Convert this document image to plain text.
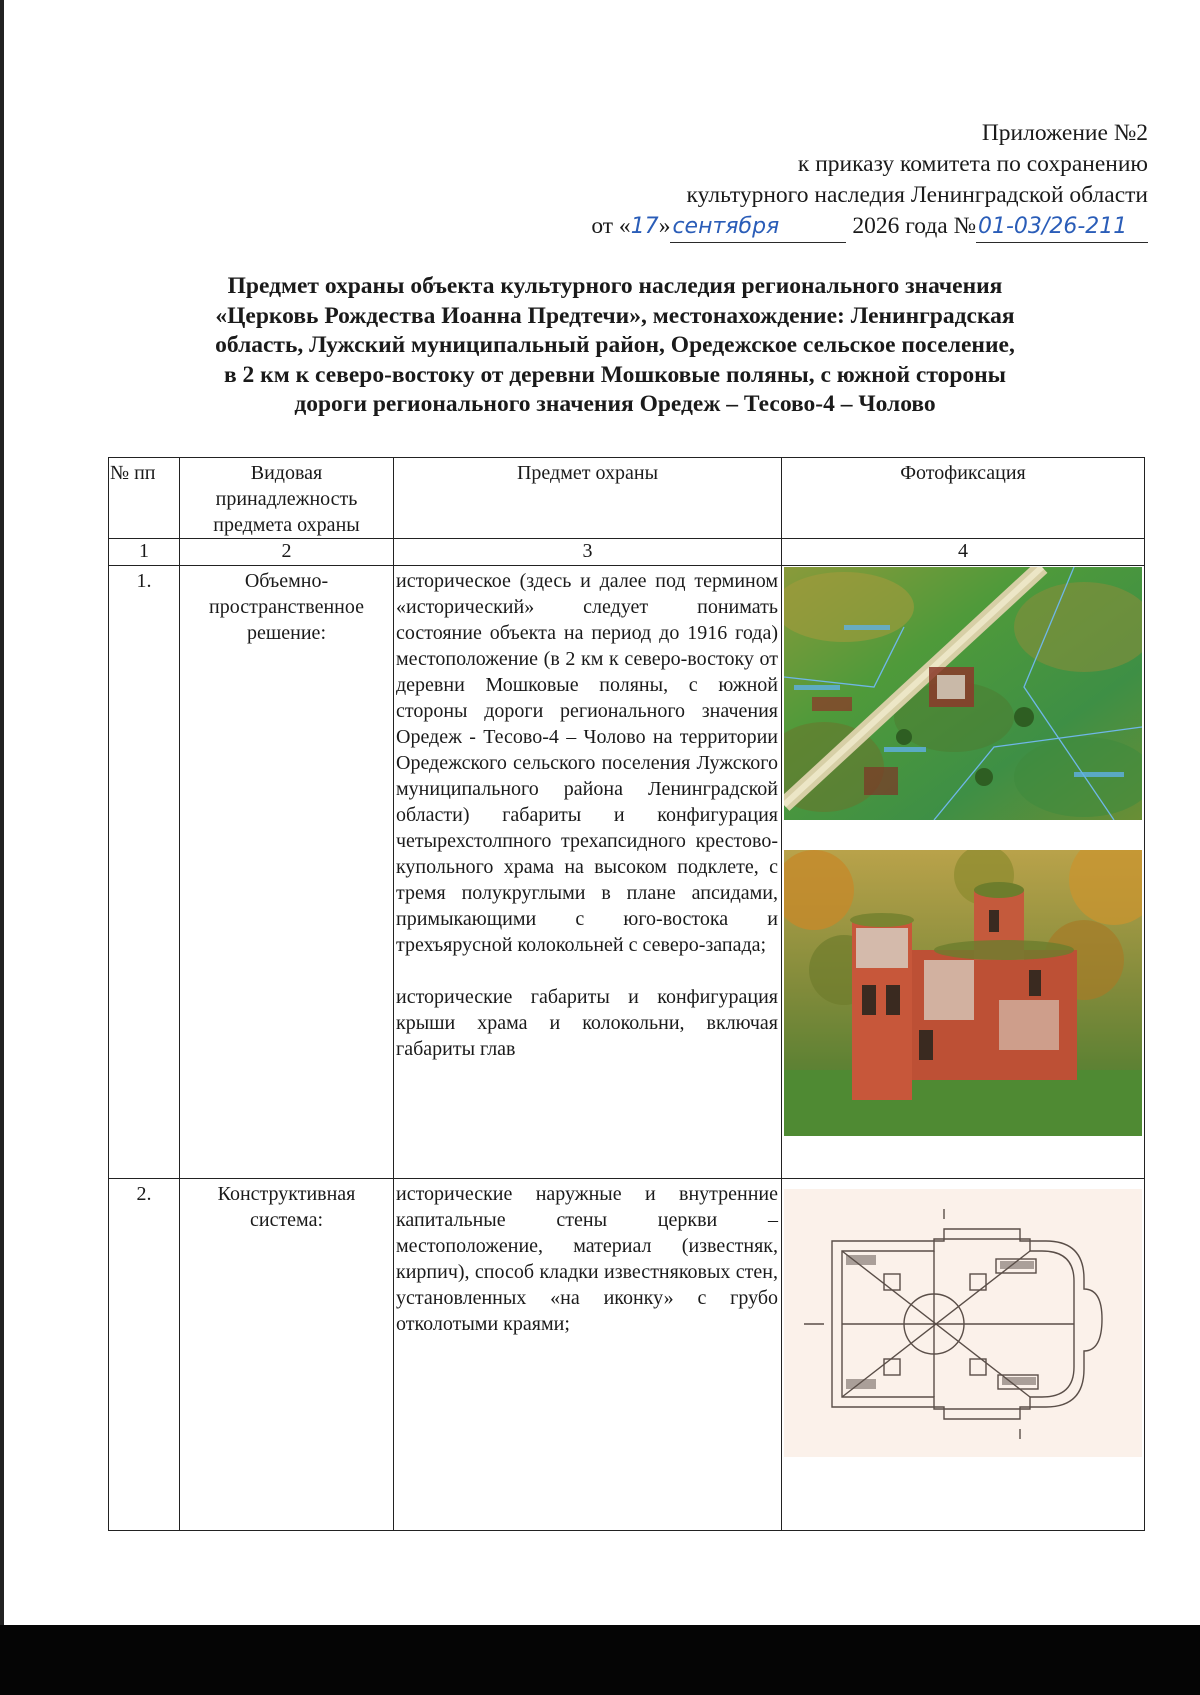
Приложение №2
к приказу комитета по сохранению
культурного наследия Ленинградской области
от «17»сентября	2026 года №01-03/26-211
Предмет охраны объекта культурного наследия регионального значения
«Церковь Рождества Иоанна Предтечи», местонахождение: Ленинградская
область, Лужский муниципальный район, Оредежское сельское поселение,
в 2 км к северо-востоку от деревни Мошковые поляны, с южной стороны
дороги регионального значения Оредеж – Тесово-4 – Чолово
№ пп	Видовая принадлежность предмета охраны	Предмет охраны	Фотофиксация
1	2	3	4
1.	Объемно-пространственное решение:	историческое (здесь и далее под термином «исторический» следует понимать состояние объекта на период до 1916 года) местоположение (в 2 км к северо-востоку от деревни Мошковые поляны, с южной стороны дороги регионального значения Оредеж - Тесово-4 – Чолово на территории Оредежского сельского поселения Лужского муниципального района Ленинградской области) габариты и конфигурация четырехстолпного трехапсидного крестово-купольного храма на высоком подклете, с тремя полукруглыми в плане апсидами, примыкающими с юго-востока и трехъярусной колокольней с северо-запада;

исторические габариты и конфигурация крыши храма и колокольни, включая габариты глав

2.	Конструктивная система:	исторические наружные и внутренние капитальные стены церкви – местоположение, материал (известняк, кирпич), способ кладки известняковых стен, установленных «на иконку» с грубо отколотыми краями;
